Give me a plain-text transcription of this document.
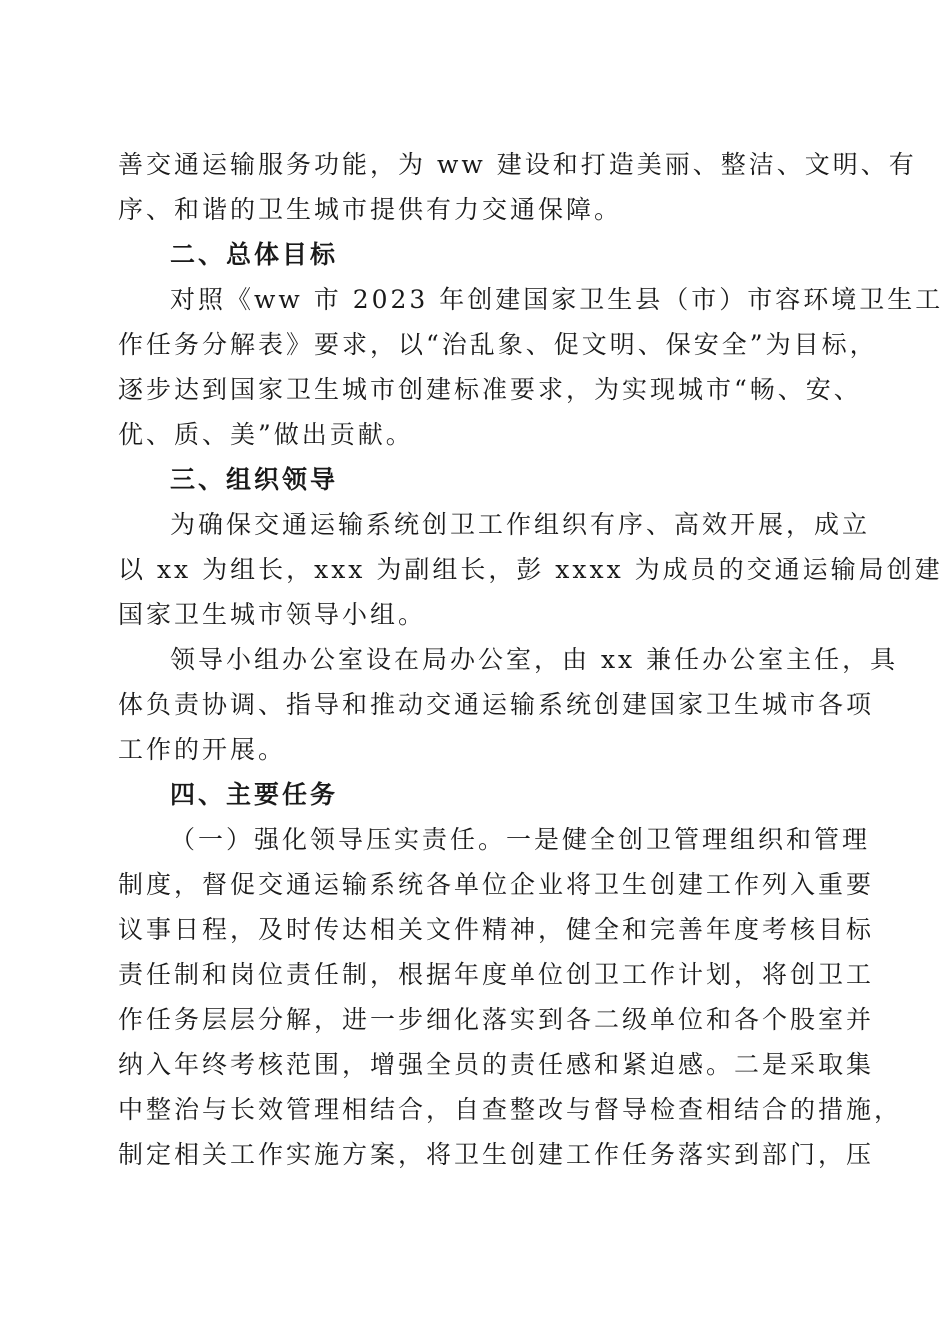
善交通运输服务功能，为 ww 建设和打造美丽、整洁、文明、有
序、和谐的卫生城市提供有力交通保障。
二、总体目标
对照《ww 市 2023 年创建国家卫生县（市）市容环境卫生工
作任务分解表》要求，以“治乱象、促文明、保安全”为目标，
逐步达到国家卫生城市创建标准要求，为实现城市“畅、安、
优、质、美”做出贡献。
三、组织领导
为确保交通运输系统创卫工作组织有序、高效开展，成立
以 xx 为组长，xxx 为副组长，彭 xxxx 为成员的交通运输局创建
国家卫生城市领导小组。
领导小组办公室设在局办公室，由 xx 兼任办公室主任，具
体负责协调、指导和推动交通运输系统创建国家卫生城市各项
工作的开展。
四、主要任务
（一）强化领导压实责任。一是健全创卫管理组织和管理
制度，督促交通运输系统各单位企业将卫生创建工作列入重要
议事日程，及时传达相关文件精神，健全和完善年度考核目标
责任制和岗位责任制，根据年度单位创卫工作计划，将创卫工
作任务层层分解，进一步细化落实到各二级单位和各个股室并
纳入年终考核范围，增强全员的责任感和紧迫感。二是采取集
中整治与长效管理相结合，自查整改与督导检查相结合的措施，
制定相关工作实施方案，将卫生创建工作任务落实到部门，压
